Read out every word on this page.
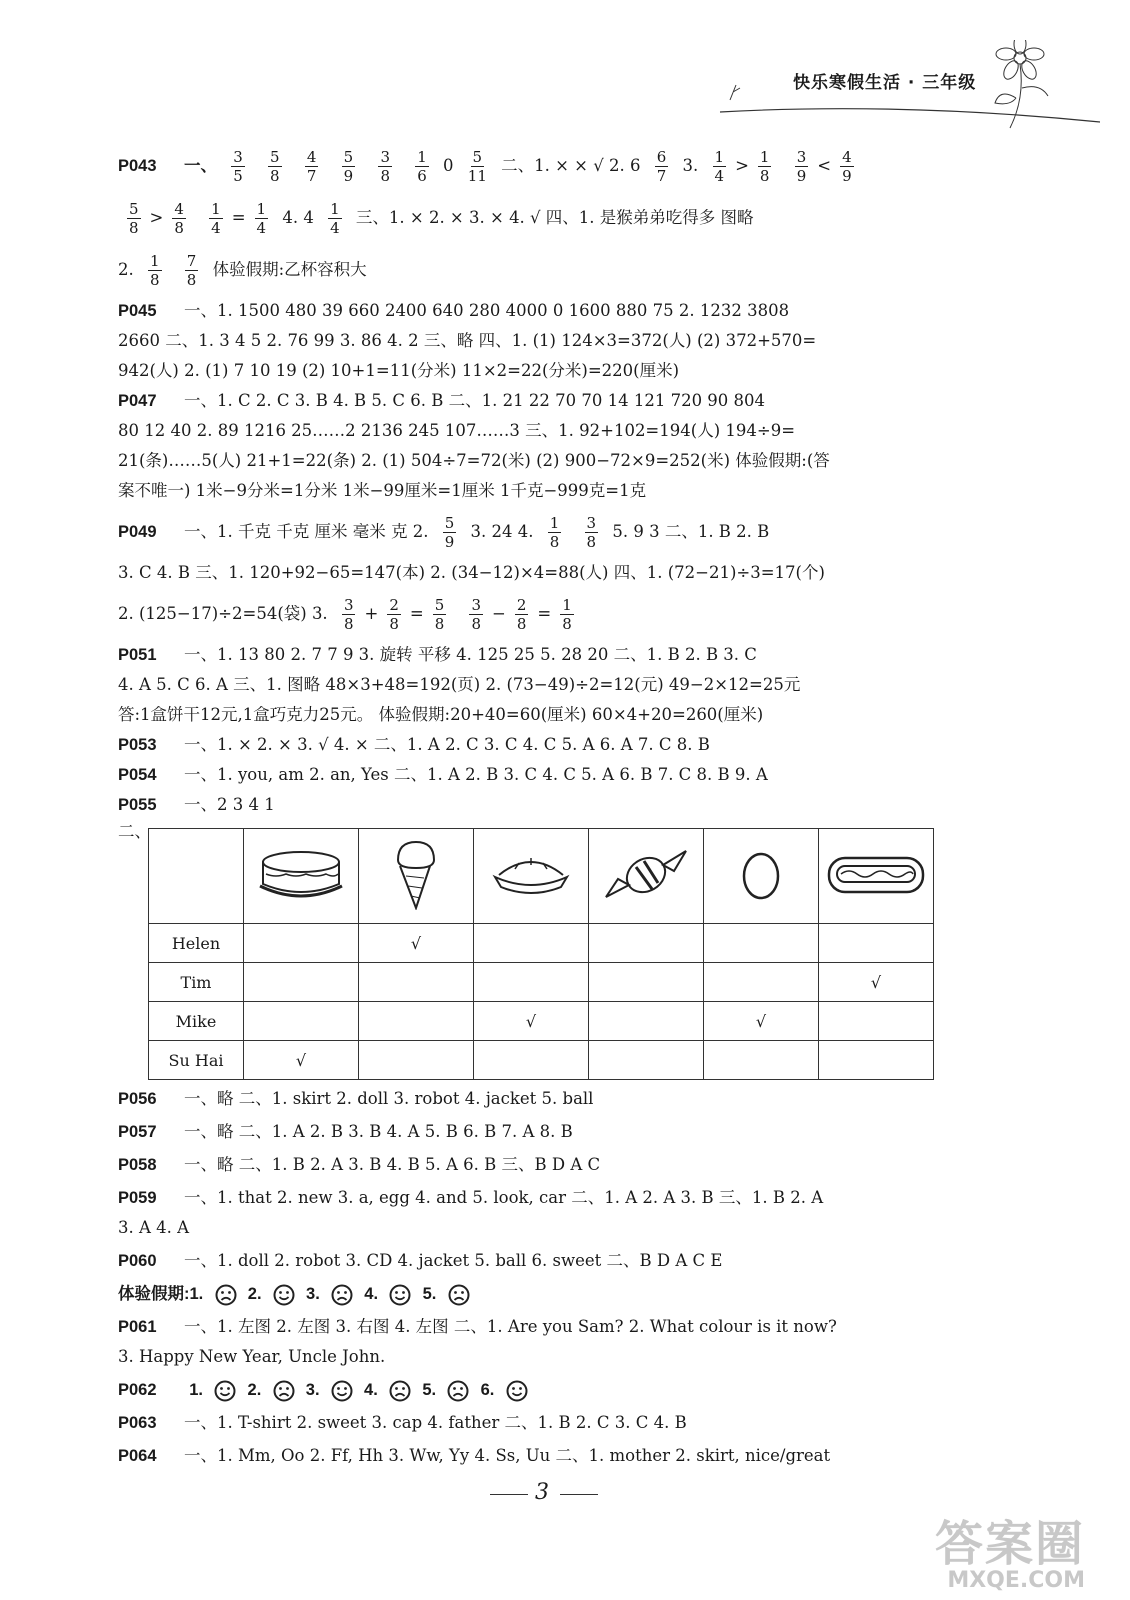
快乐寒假生活 · 三年级
P043 一、 $\frac{3}{5}$
$\frac{5}{8}$
$\frac{4}{7}$
$\frac{5}{9}$
$\frac{3}{8}$
$\frac{1}{6} 0 \frac{5}{11}$ 二、1. × × √ 2. $6 \frac{6}{7} 3$. $\frac{1}{4} > \frac{1}{8}$
$\frac{3}{9} < \frac{4}{9}$
$\frac{5}{8} > \frac{4}{8}$
$\frac{1}{4} = \frac{1}{4} 4$. $4 \frac{1}{4}$ 三、1. × 2. × 3. × 4. √ 四、1. 是猴弟弟吃得多 图略
2. $\frac{1}{8}$
$\frac{7}{8}$ 体验假期:乙杯容积大
P045 一、1. 1500 480 39 660 2400 640 280 4000 0 1600 880 75 2. 1232 3808
2660 二、1. 3 4 5 2. 76 99 3. 86 4. 2 三、略 四、1. (1) 124×3=372(人) (2) 372+570=
942(人) 2. (1) 7 10 19 (2) 10+1=11(分米) 11×2=22(分米)=220(厘米)
P047 一、1. C 2. C 3. B 4. B 5. C 6. B 二、1. 21 22 70 70 14 121 720 90 804
80 12 40 2. 89 1216 25……2 2136 245 107……3 三、1. 92+102=194(人) 194÷9=
21(条)……5(人) 21+1=22(条) 2. (1) 504÷7=72(米) (2) 900−72×9=252(米) 体验假期:(答
案不唯一) 1米−9分米=1分米 1米−99厘米=1厘米 1千克−999克=1克
P049 一、1. 千克 千克 厘米 毫米 克 2. $\frac{5}{9} 3$. 24 4. $\frac{1}{8}$
$\frac{3}{8} 5$. 9 3 二、1. B 2. B
3. C 4. B 三、1. 120+92−65=147(本) 2. (34−12)×4=88(人) 四、1. (72−21)÷3=17(个)
2. (125−17)÷2=54(袋) 3. $\frac{3}{8} + \frac{2}{8} = \frac{5}{8}$
$\frac{3}{8} - \frac{2}{8} = \frac{1}{8}$
P051 一、1. 13 80 2. 7 7 9 3. 旋转 平移 4. 125 25 5. 28 20 二、1. B 2. B 3. C
4. A 5. C 6. A 三、1. 图略 48×3+48=192(页) 2. (73−49)÷2=12(元) 49−2×12=25元
答:1盒饼干12元,1盒巧克力25元。 体验假期:20+40=60(厘米) 60×4+20=260(厘米)
P053 一、1. × 2. × 3. √ 4. × 二、1. A 2. C 3. C 4. C 5. A 6. A 7. C 8. B
P054 一、1. you, am 2. an, Yes 二、1. A 2. B 3. C 4. C 5. A 6. B 7. C 8. B 9. A
P055 一、2 3 4 1
二、

Helen		√				
Tim						√
Mike			√		√	
Su Hai	√					
P056 一、略 二、1. skirt 2. doll 3. robot 4. jacket 5. ball
P057 一、略 二、1. A 2. B 3. B 4. A 5. B 6. B 7. A 8. B
P058 一、略 二、1. B 2. A 3. B 4. B 5. A 6. B 三、B D A C
P059 一、1. that 2. new 3. a, egg 4. and 5. look, car 二、1. A 2. A 3. B 三、1. B 2. A
3. A 4. A
P060 一、1. doll 2. robot 3. CD 4. jacket 5. ball 6. sweet 二、B D A C E
体验假期:1.	2.	3.	4.	5.
P061 一、1. 左图 2. 左图 3. 右图 4. 左图 二、1. Are you Sam? 2. What colour is it now?
3. Happy New Year, Uncle John.
P062 1.	2.	3.	4.	5.	6.
P063 一、1. T-shirt 2. sweet 3. cap 4. father 二、1. B 2. C 3. C 4. B
P064 一、1. Mm, Oo 2. Ff, Hh 3. Ww, Yy 4. Ss, Uu 二、1. mother 2. skirt, nice/great
3
答案圈
MXQE.COM
